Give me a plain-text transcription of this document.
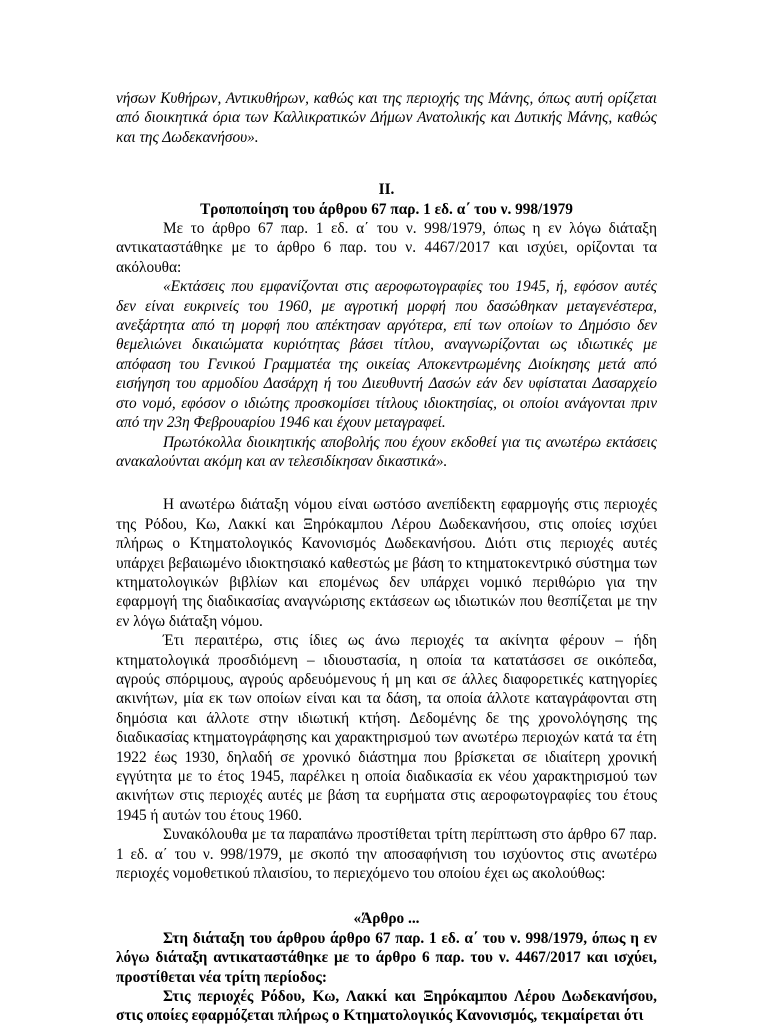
νήσων Κυθήρων, Αντικυθήρων, καθώς και της περιοχής της Μάνης, όπως αυτή ορίζεται από διοικητικά όρια των Καλλικρατικών Δήμων Ανατολικής και Δυτικής Μάνης, καθώς και της Δωδεκανήσου».

II.

Τροποποίηση του άρθρου 67 παρ. 1 εδ. α΄ του ν. 998/1979

Με το άρθρο 67 παρ. 1 εδ. α΄ του ν. 998/1979, όπως η εν λόγω διάταξη αντικαταστάθηκε με το άρθρο 6 παρ. του ν. 4467/2017 και ισχύει, ορίζονται τα ακόλουθα:

«Εκτάσεις που εμφανίζονται στις αεροφωτογραφίες του 1945, ή, εφόσον αυτές δεν είναι ευκρινείς του 1960, με αγροτική μορφή που δασώθηκαν μεταγενέστερα, ανεξάρτητα από τη μορφή που απέκτησαν αργότερα, επί των οποίων το Δημόσιο δεν θεμελιώνει δικαιώματα κυριότητας βάσει τίτλου, αναγνωρίζονται ως ιδιωτικές με απόφαση του Γενικού Γραμματέα της οικείας Αποκεντρωμένης Διοίκησης μετά από εισήγηση του αρμοδίου Δασάρχη ή του Διευθυντή Δασών εάν δεν υφίσταται Δασαρχείο στο νομό, εφόσον ο ιδιώτης προσκομίσει τίτλους ιδιοκτησίας, οι οποίοι ανάγονται πριν από την 23η Φεβρουαρίου 1946 και έχουν μεταγραφεί.

Πρωτόκολλα διοικητικής αποβολής που έχουν εκδοθεί για τις ανωτέρω εκτάσεις ανακαλούνται ακόμη και αν τελεσιδίκησαν δικαστικά».

Η ανωτέρω διάταξη νόμου είναι ωστόσο ανεπίδεκτη εφαρμογής στις περιοχές της Ρόδου, Κω, Λακκί και Ξηρόκαμπου Λέρου Δωδεκανήσου, στις οποίες ισχύει πλήρως ο Κτηματολογικός Κανονισμός Δωδεκανήσου. Διότι στις περιοχές αυτές υπάρχει βεβαιωμένο ιδιοκτησιακό καθεστώς με βάση το κτηματοκεντρικό σύστημα των κτηματολογικών βιβλίων και επομένως δεν υπάρχει νομικό περιθώριο για την εφαρμογή της διαδικασίας αναγνώρισης εκτάσεων ως ιδιωτικών που θεσπίζεται με την εν λόγω διάταξη νόμου.

Έτι περαιτέρω, στις ίδιες ως άνω περιοχές τα ακίνητα φέρουν – ήδη κτηματολογικά προσδιόμενη – ιδιουστασία, η οποία τα κατατάσσει σε οικόπεδα, αγρούς σπόριμους, αγρούς αρδευόμενους ή μη και σε άλλες διαφορετικές κατηγορίες ακινήτων, μία εκ των οποίων είναι και τα δάση, τα οποία άλλοτε καταγράφονται στη δημόσια και άλλοτε στην ιδιωτική κτήση. Δεδομένης δε της χρονολόγησης της διαδικασίας κτηματογράφησης και χαρακτηρισμού των ανωτέρω περιοχών κατά τα έτη 1922 έως 1930, δηλαδή σε χρονικό διάστημα που βρίσκεται σε ιδιαίτερη χρονική εγγύτητα με το έτος 1945, παρέλκει η οποία διαδικασία εκ νέου χαρακτηρισμού των ακινήτων στις περιοχές αυτές με βάση τα ευρήματα στις αεροφωτογραφίες του έτους 1945 ή αυτών του έτους 1960.

Συνακόλουθα με τα παραπάνω προστίθεται τρίτη περίπτωση στο άρθρο 67 παρ. 1 εδ. α΄ του ν. 998/1979, με σκοπό την αποσαφήνιση του ισχύοντος στις ανωτέρω περιοχές νομοθετικού πλαισίου, το περιεχόμενο του οποίου έχει ως ακολούθως:

«Άρθρο ...

Στη διάταξη του άρθρου άρθρο 67 παρ. 1 εδ. α΄ του ν. 998/1979, όπως η εν λόγω διάταξη αντικαταστάθηκε με το άρθρο 6 παρ. του ν. 4467/2017 και ισχύει, προστίθεται νέα τρίτη περίοδος:

Στις περιοχές Ρόδου, Κω, Λακκί και Ξηρόκαμπου Λέρου Δωδεκανήσου, στις οποίες εφαρμόζεται πλήρως ο Κτηματολογικός Κανονισμός, τεκμαίρεται ότι
